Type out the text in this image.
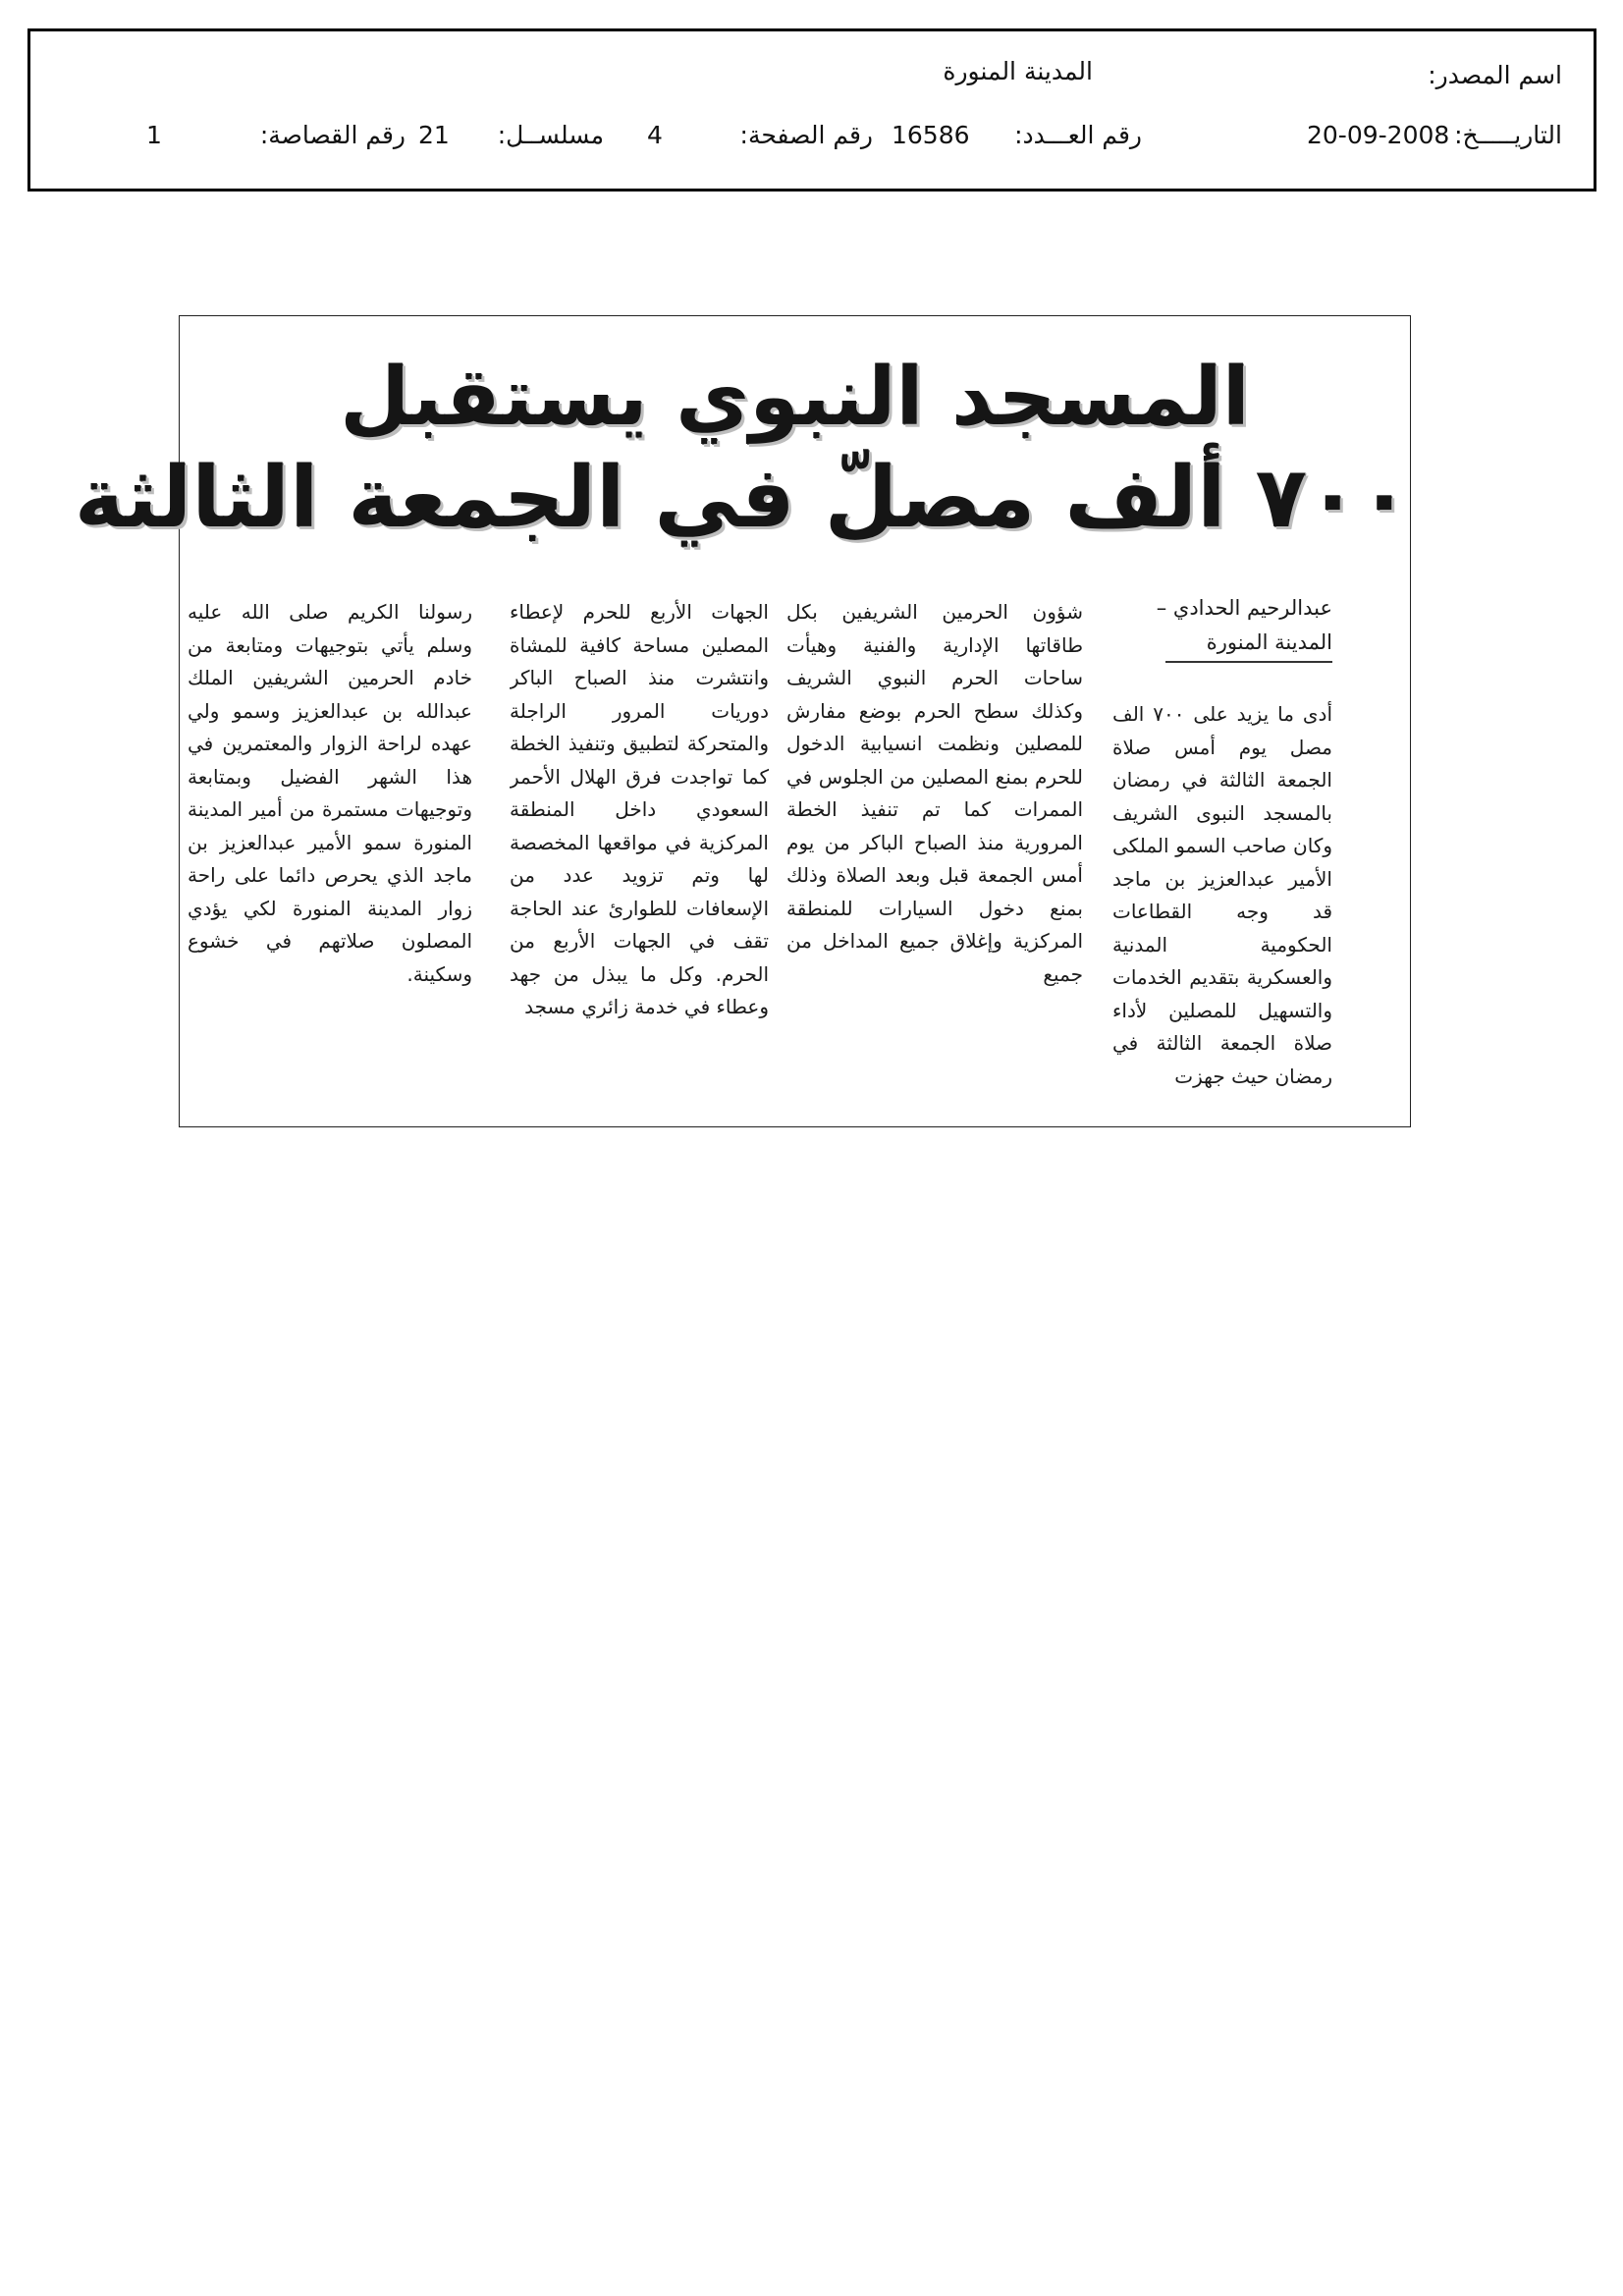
اسم المصدر:
المدينة المنورة
التاريـــــخ:
20-09-2008
رقم العـــدد:
16586
رقم الصفحة:
4
مسلســل:
21
رقم القصاصة:
1
المسجد النبوي يستقبل
٧٠٠ ألف مصلّ في الجمعة الثالثة
عبدالرحيم الحدادي –
المدينة المنورة
أدى ما يزيد على ٧٠٠ الف مصل يوم أمس صلاة الجمعة الثالثة في رمضان بالمسجد النبوى الشريف وكان صاحب السمو الملكى الأمير عبدالعزيز بن ماجد قد وجه القطاعات الحكومية المدنية والعسكرية بتقديم الخدمات والتسهيل للمصلين لأداء صلاة الجمعة الثالثة في رمضان حيث جهزت
شؤون الحرمين الشريفين بكل طاقاتها الإدارية والفنية وهيأت ساحات الحرم النبوي الشريف وكذلك سطح الحرم بوضع مفارش للمصلين ونظمت انسيابية الدخول للحرم بمنع المصلين من الجلوس في الممرات كما تم تنفيذ الخطة المرورية منذ الصباح الباكر من يوم أمس الجمعة قبل وبعد الصلاة وذلك بمنع دخول السيارات للمنطقة المركزية وإغلاق جميع المداخل من جميع
الجهات الأربع للحرم لإعطاء المصلين مساحة كافية للمشاة وانتشرت منذ الصباح الباكر دوريات المرور الراجلة والمتحركة لتطبيق وتنفيذ الخطة كما تواجدت فرق الهلال الأحمر السعودي داخل المنطقة المركزية في مواقعها المخصصة لها وتم تزويد عدد من الإسعافات للطوارئ عند الحاجة تقف في الجهات الأربع من الحرم. وكل ما يبذل من جهد وعطاء في خدمة زائري مسجد
رسولنا الكريم صلى الله عليه وسلم يأتي بتوجيهات ومتابعة من خادم الحرمين الشريفين الملك عبدالله بن عبدالعزيز وسمو ولي عهده لراحة الزوار والمعتمرين في هذا الشهر الفضيل وبمتابعة وتوجيهات مستمرة من أمير المدينة المنورة سمو الأمير عبدالعزيز بن ماجد الذي يحرص دائما على راحة زوار المدينة المنورة لكي يؤدي المصلون صلاتهم في خشوع وسكينة.
